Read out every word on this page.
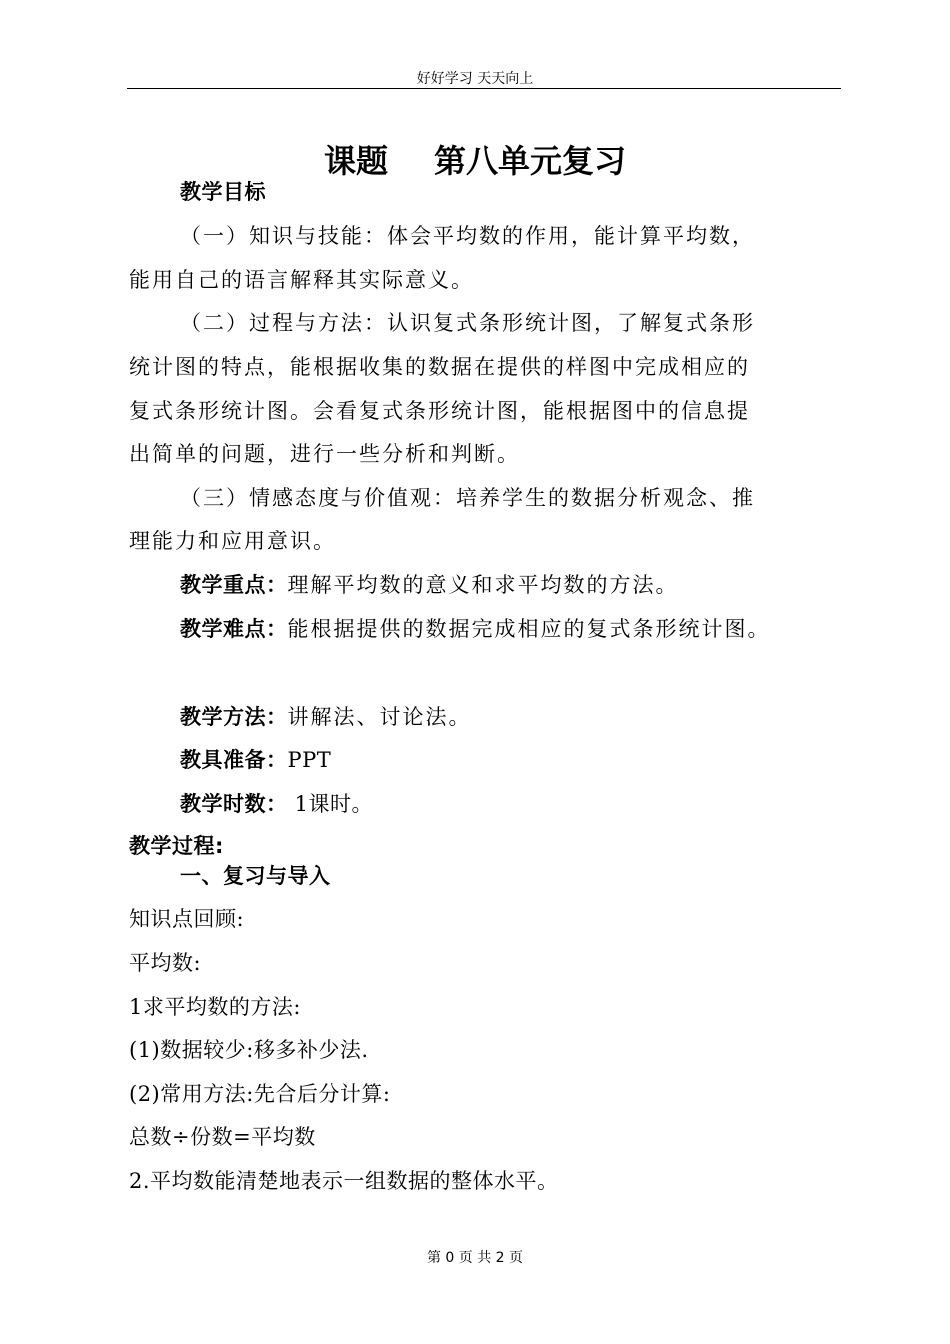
好好学习 天天向上
课题 第八单元复习
教学目标
（一）知识与技能：体会平均数的作用，能计算平均数，
能用自己的语言解释其实际意义。
（二）过程与方法：认识复式条形统计图，了解复式条形
统计图的特点，能根据收集的数据在提供的样图中完成相应的
复式条形统计图。会看复式条形统计图，能根据图中的信息提
出简单的问题，进行一些分析和判断。
（三）情感态度与价值观：培养学生的数据分析观念、推
理能力和应用意识。
教学重点：理解平均数的意义和求平均数的方法。
教学难点：能根据提供的数据完成相应的复式条形统计图。
教学方法：讲解法、讨论法。
教具准备：PPT
教学时数： 1课时。
教学过程:
一、复习与导入
知识点回顾:
平均数:
1求平均数的方法:
(1)数据较少:移多补少法.
(2)常用方法:先合后分计算:
总数÷份数=平均数
2.平均数能清楚地表示一组数据的整体水平。
第 0 页 共 2 页
